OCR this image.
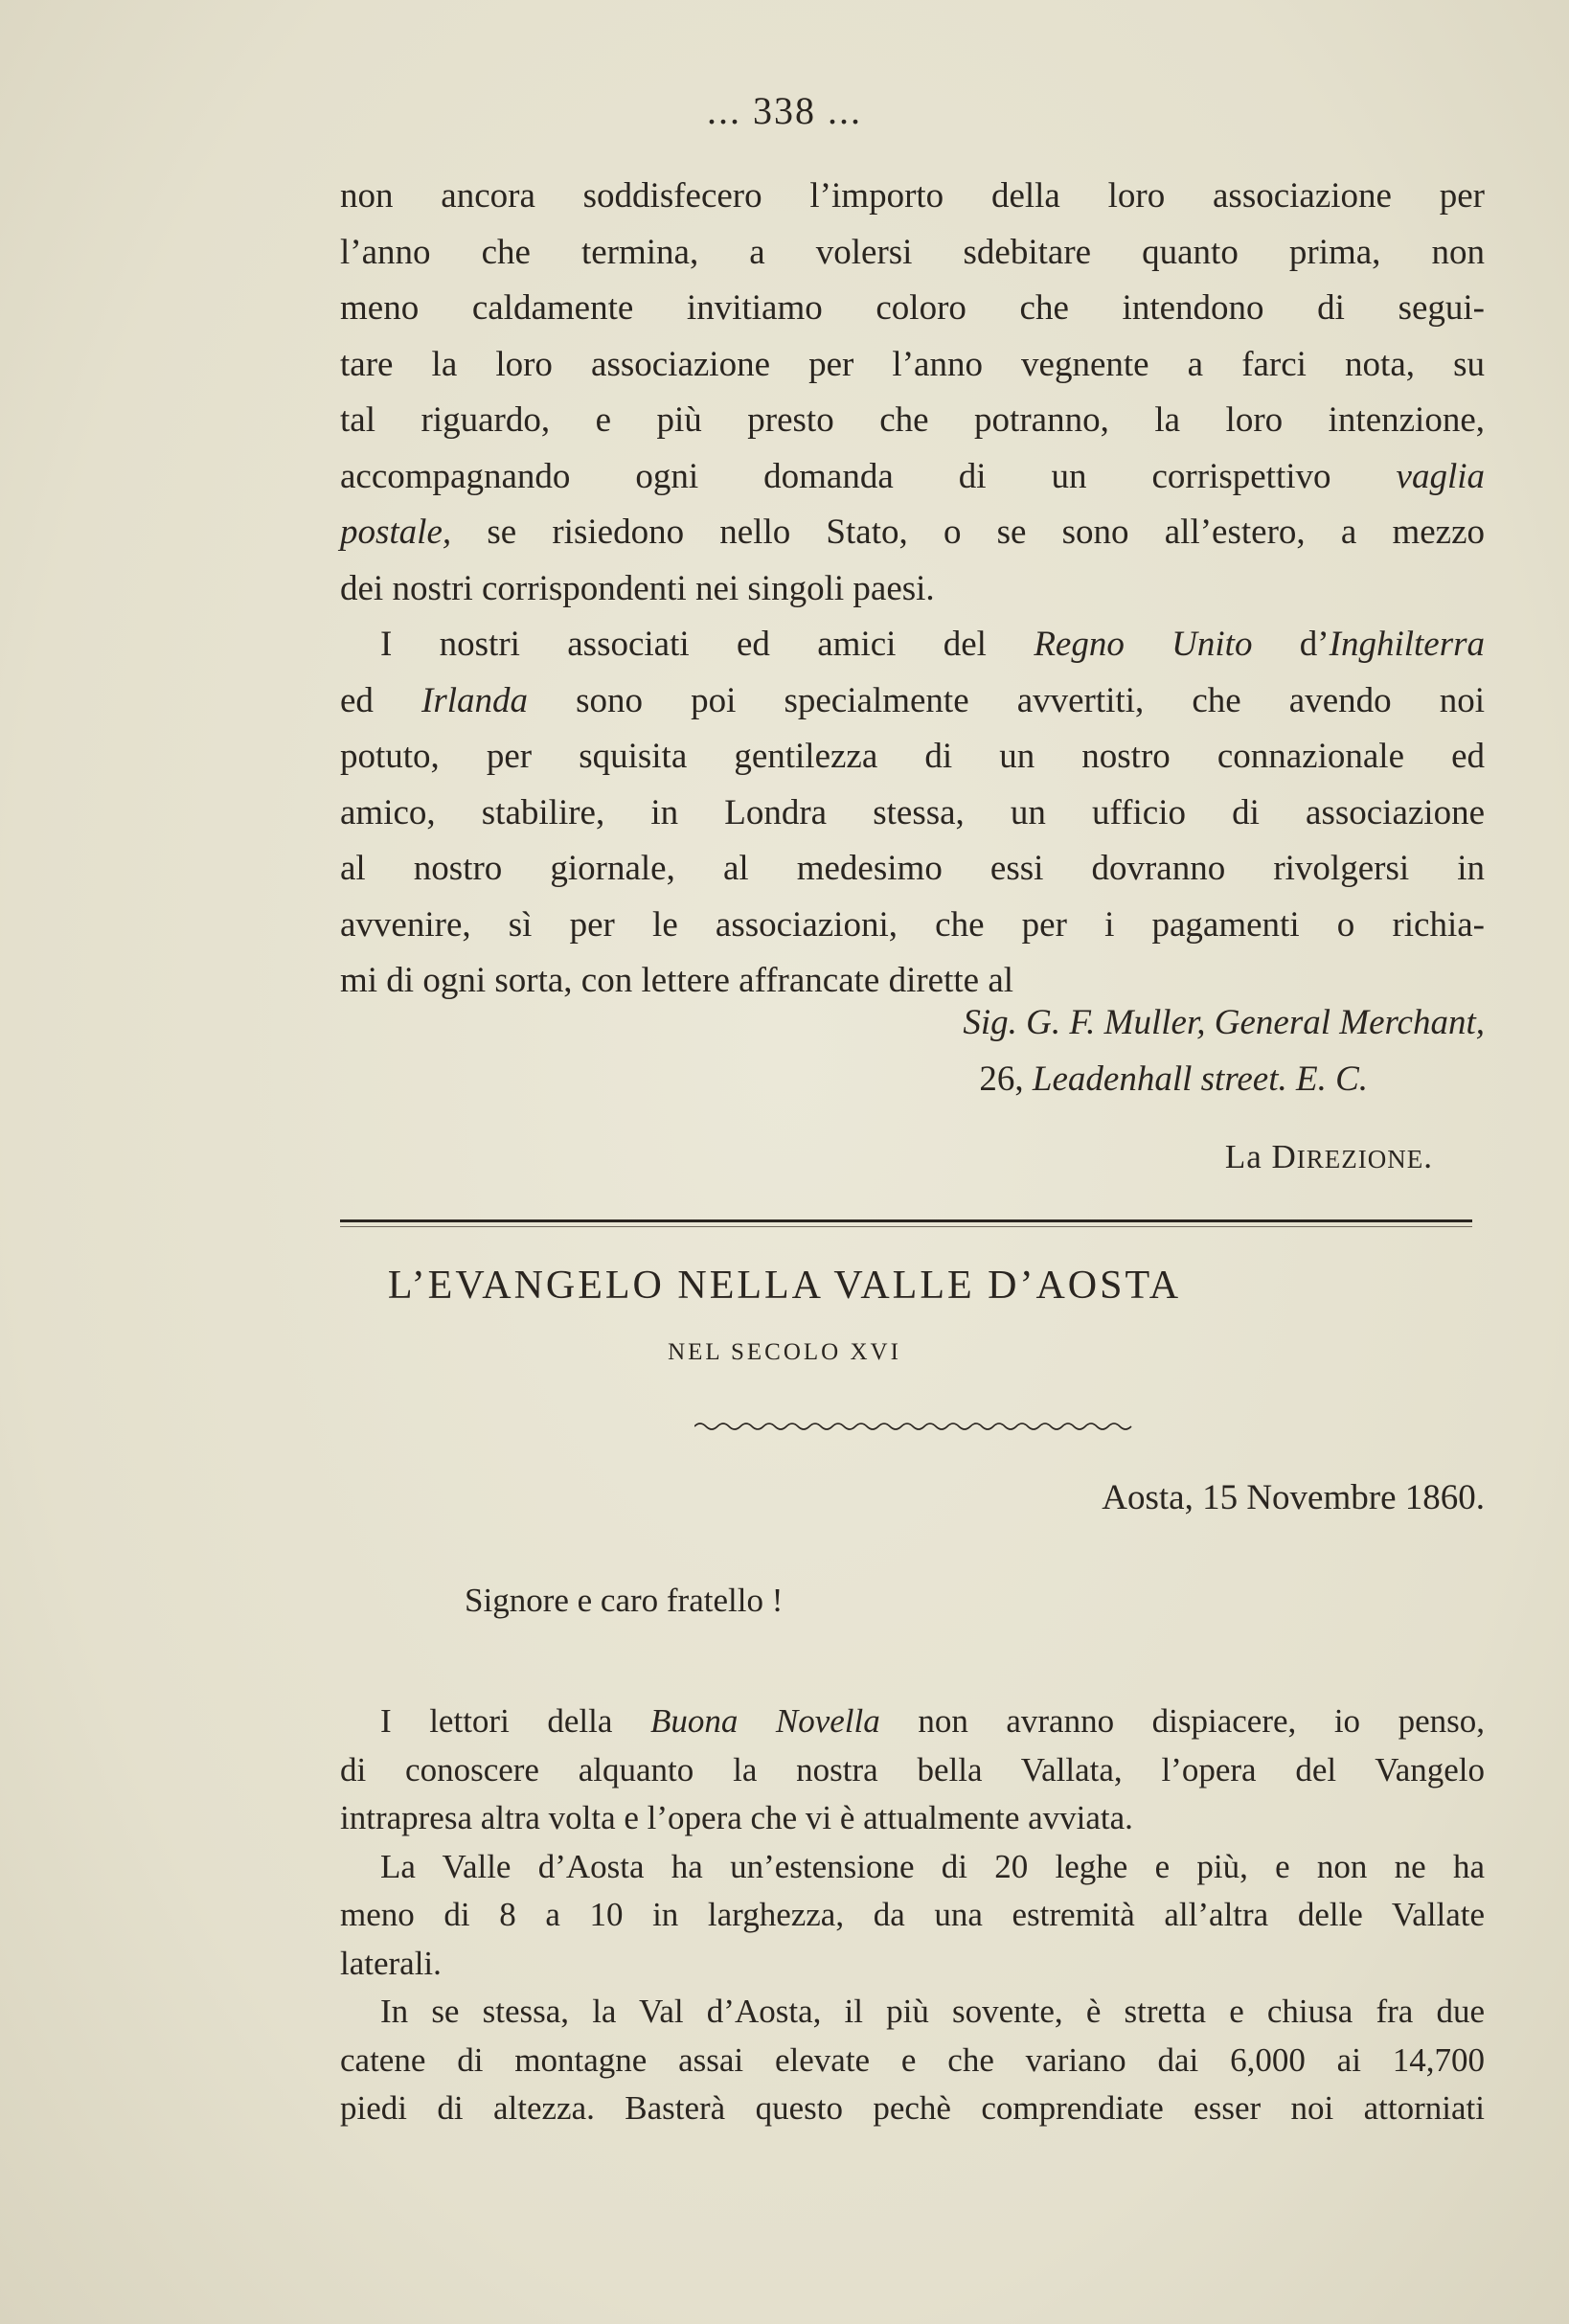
... 338 ...

non ancora soddisfecero l’importo della loro associazione per

l’anno che termina, a volersi sdebitare quanto prima, non

meno caldamente invitiamo coloro che intendono di segui-

tare la loro associazione per l’anno vegnente a farci nota, su

tal riguardo, e più presto che potranno, la loro intenzione,

accompagnando ogni domanda di un corrispettivo vaglia

postale, se risiedono nello Stato, o se sono all’estero, a mezzo

dei nostri corrispondenti nei singoli paesi.

I nostri associati ed amici del Regno Unito d’Inghilterra

ed Irlanda sono poi specialmente avvertiti, che avendo noi

potuto, per squisita gentilezza di un nostro connazionale ed

amico, stabilire, in Londra stessa, un ufficio di associazione

al nostro giornale, al medesimo essi dovranno rivolgersi in

avvenire, sì per le associazioni, che per i pagamenti o richia-

mi di ogni sorta, con lettere affrancate dirette al

Sig. G. F. Muller, General Merchant,
26, Leadenhall street. E. C.
La DIREZIONE.
L’EVANGELO NELLA VALLE D’AOSTA
NEL SECOLO XVI
Aosta, 15 Novembre 1860.
Signore e caro fratello !

I lettori della Buona Novella non avranno dispiacere, io penso,

di conoscere alquanto la nostra bella Vallata, l’opera del Vangelo

intrapresa altra volta e l’opera che vi è attualmente avviata.

La Valle d’Aosta ha un’estensione di 20 leghe e più, e non ne ha

meno di 8 a 10 in larghezza, da una estremità all’altra delle Vallate

laterali.

In se stessa, la Val d’Aosta, il più sovente, è stretta e chiusa fra due

catene di montagne assai elevate e che variano dai 6,000 ai 14,700

piedi di altezza. Basterà questo pechè comprendiate esser noi attorniati
